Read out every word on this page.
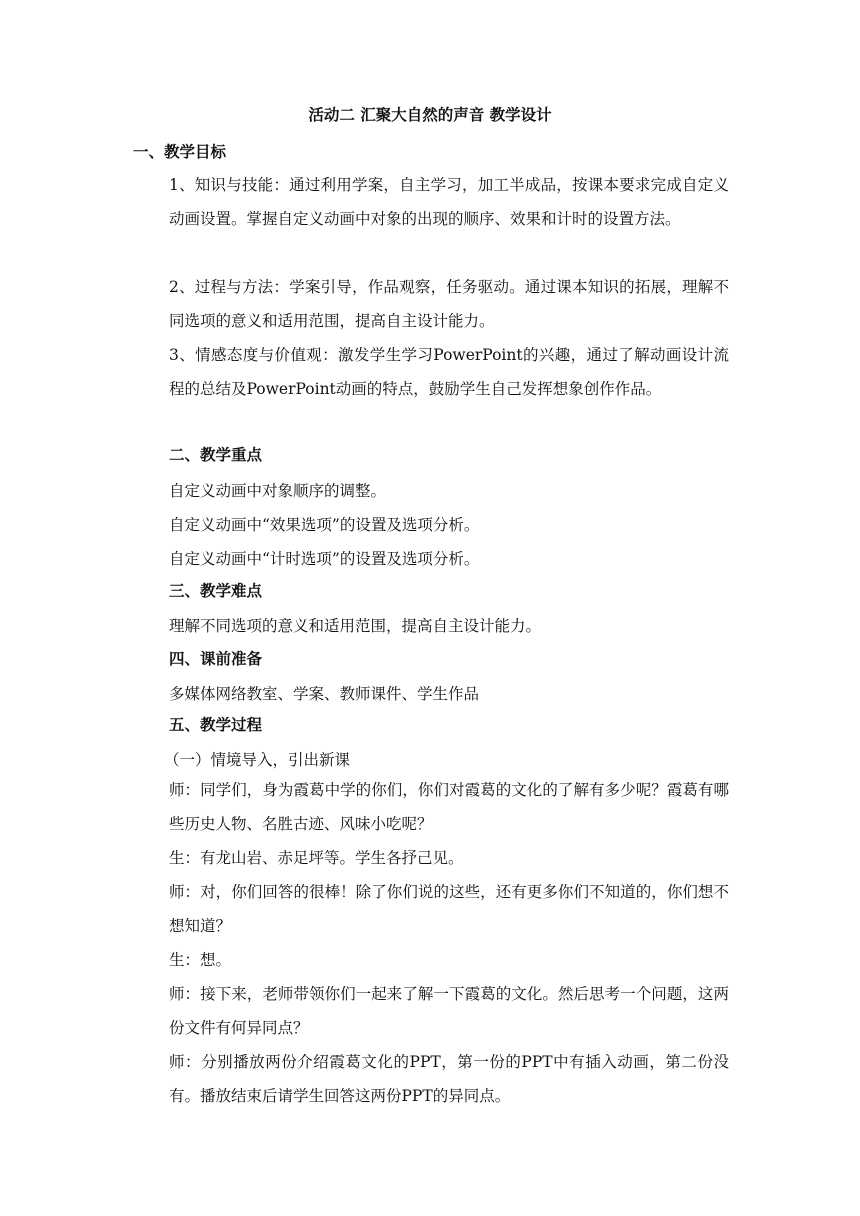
活动二 汇聚大自然的声音 教学设计
一、教学目标
1、知识与技能：通过利用学案，自主学习，加工半成品，按课本要求完成自定义动画设置。掌握自定义动画中对象的出现的顺序、效果和计时的设置方法。
2、过程与方法：学案引导，作品观察，任务驱动。通过课本知识的拓展，理解不同选项的意义和适用范围，提高自主设计能力。
3、情感态度与价值观：激发学生学习PowerPoint的兴趣，通过了解动画设计流程的总结及PowerPoint动画的特点，鼓励学生自己发挥想象创作作品。
二、教学重点
自定义动画中对象顺序的调整。
自定义动画中“效果选项”的设置及选项分析。
自定义动画中“计时选项”的设置及选项分析。
三、教学难点
理解不同选项的意义和适用范围，提高自主设计能力。
四、课前准备
多媒体网络教室、学案、教师课件、学生作品
五、教学过程
（一）情境导入，引出新课
师：同学们，身为霞葛中学的你们，你们对霞葛的文化的了解有多少呢？霞葛有哪些历史人物、名胜古迹、风味小吃呢？
生：有龙山岩、赤足坪等。学生各抒己见。
师：对，你们回答的很棒！除了你们说的这些，还有更多你们不知道的，你们想不想知道？
生：想。
师：接下来，老师带领你们一起来了解一下霞葛的文化。然后思考一个问题，这两份文件有何异同点？
师：分别播放两份介绍霞葛文化的PPT，第一份的PPT中有插入动画，第二份没有。播放结束后请学生回答这两份PPT的异同点。
